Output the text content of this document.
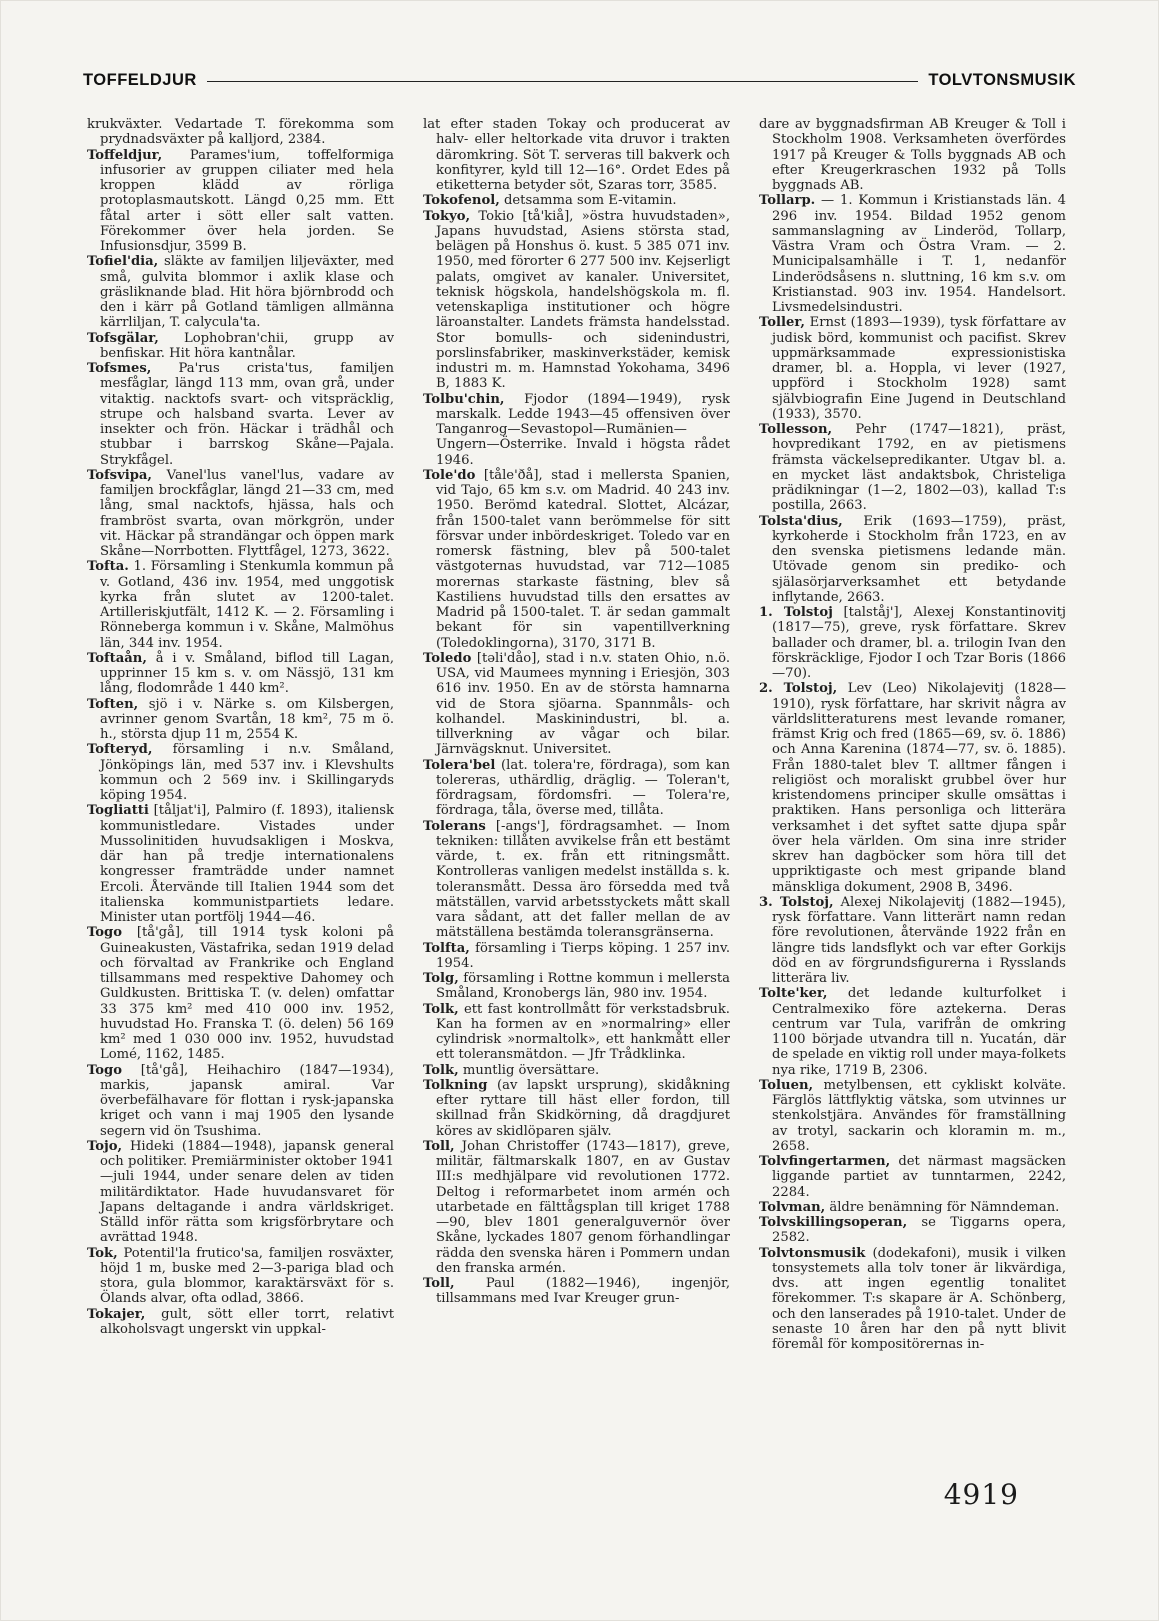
TOFFELDJUR	TOLVTONSMUSIK

krukväxter. Vedartade T. förekomma som prydnadsväxter på kalljord, 2384.

Toffeldjur, Parames'ium, toffelformiga infusorier av gruppen ciliater med hela kroppen klädd av rörliga protoplasmautskott. Längd 0,25 mm. Ett fåtal arter i sött eller salt vatten. Förekommer över hela jorden. Se Infusionsdjur, 3599 B.

Tofiel'dia, släkte av familjen liljeväxter, med små, gulvita blommor i axlik klase och gräsliknande blad. Hit höra björnbrodd och den i kärr på Gotland tämligen allmänna kärrliljan, T. calycula'ta.

Tofsgälar, Lophobran'chii, grupp av benfiskar. Hit höra kantnålar.

Tofsmes, Pa'rus crista'tus, familjen mesfåglar, längd 113 mm, ovan grå, under vitaktig. nacktofs svart- och vitspräcklig, strupe och halsband svarta. Lever av insekter och frön. Häckar i trädhål och stubbar i barrskog Skåne—Pajala. Strykfågel.

Tofsvipa, Vanel'lus vanel'lus, vadare av familjen brockfåglar, längd 21—33 cm, med lång, smal nacktofs, hjässa, hals och frambröst svarta, ovan mörkgrön, under vit. Häckar på strandängar och öppen mark Skåne—Norrbotten. Flyttfågel, 1273, 3622.

Tofta. 1. Församling i Stenkumla kommun på v. Gotland, 436 inv. 1954, med unggotisk kyrka från slutet av 1200-talet. Artilleriskjutfält, 1412 K. — 2. Församling i Rönneberga kommun i v. Skåne, Malmöhus län, 344 inv. 1954.

Toftaån, å i v. Småland, biflod till Lagan, upprinner 15 km s. v. om Nässjö, 131 km lång, flodområde 1 440 km².

Toften, sjö i v. Närke s. om Kilsbergen, avrinner genom Svartån, 18 km², 75 m ö. h., största djup 11 m, 2554 K.

Tofteryd, församling i n.v. Småland, Jönköpings län, med 537 inv. i Klevshults kommun och 2 569 inv. i Skillingaryds köping 1954.

Togliatti [tåljat'i], Palmiro (f. 1893), italiensk kommunistledare. Vistades under Mussolinitiden huvudsakligen i Moskva, där han på tredje internationalens kongresser framträdde under namnet Ercoli. Återvände till Italien 1944 som det italienska kommunistpartiets ledare. Minister utan portfölj 1944—46.

Togo [tå'gå], till 1914 tysk koloni på Guineakusten, Västafrika, sedan 1919 delad och förvaltad av Frankrike och England tillsammans med respektive Dahomey och Guldkusten. Brittiska T. (v. delen) omfattar 33 375 km² med 410 000 inv. 1952, huvudstad Ho. Franska T. (ö. delen) 56 169 km² med 1 030 000 inv. 1952, huvudstad Lomé, 1162, 1485.

Togo [tå'gå], Heihachiro (1847—1934), markis, japansk amiral. Var överbefälhavare för flottan i rysk-japanska kriget och vann i maj 1905 den lysande segern vid ön Tsushima.

Tojo, Hideki (1884—1948), japansk general och politiker. Premiärminister oktober 1941—juli 1944, under senare delen av tiden militärdiktator. Hade huvudansvaret för Japans deltagande i andra världskriget. Ställd inför rätta som krigsförbrytare och avrättad 1948.

Tok, Potentil'la frutico'sa, familjen rosväxter, höjd 1 m, buske med 2—3-pariga blad och stora, gula blommor, karaktärsväxt för s. Ölands alvar, ofta odlad, 3866.

Tokajer, gult, sött eller torrt, relativt alkoholsvagt ungerskt vin uppkal-

lat efter staden Tokay och producerat av halv- eller heltorkade vita druvor i trakten däromkring. Söt T. serveras till bakverk och konfityrer, kyld till 12—16°. Ordet Edes på etiketterna betyder söt, Szaras torr, 3585.

Tokofenol, detsamma som E-vitamin.

Tokyo, Tokio [tå'kiå], »östra huvudstaden», Japans huvudstad, Asiens största stad, belägen på Honshus ö. kust. 5 385 071 inv. 1950, med förorter 6 277 500 inv. Kejserligt palats, omgivet av kanaler. Universitet, teknisk högskola, handelshögskola m. fl. vetenskapliga institutioner och högre läroanstalter. Landets främsta handelsstad. Stor bomulls- och sidenindustri, porslinsfabriker, maskinverkstäder, kemisk industri m. m. Hamnstad Yokohama, 3496 B, 1883 K.

Tolbu'chin, Fjodor (1894—1949), rysk marskalk. Ledde 1943—45 offensiven över Tanganrog—Sevastopol—Rumänien—Ungern—Österrike. Invald i högsta rådet 1946.

Tole'do [tåle'ðå], stad i mellersta Spanien, vid Tajo, 65 km s.v. om Madrid. 40 243 inv. 1950. Berömd katedral. Slottet, Alcázar, från 1500-talet vann berömmelse för sitt försvar under inbördeskriget. Toledo var en romersk fästning, blev på 500-talet västgoternas huvudstad, var 712—1085 morernas starkaste fästning, blev så Kastiliens huvudstad tills den ersattes av Madrid på 1500-talet. T. är sedan gammalt bekant för sin vapentillverkning (Toledoklingorna), 3170, 3171 B.

Toledo [təli'dåo], stad i n.v. staten Ohio, n.ö. USA, vid Maumees mynning i Eriesjön, 303 616 inv. 1950. En av de största hamnarna vid de Stora sjöarna. Spannmåls- och kolhandel. Maskinindustri, bl. a. tillverkning av vågar och bilar. Järnvägsknut. Universitet.

Tolera'bel (lat. tolera're, fördraga), som kan tolereras, uthärdlig, dräglig. — Toleran't, fördragsam, fördomsfri. — Tolera're, fördraga, tåla, överse med, tillåta.

Tolerans [-angs'], fördragsamhet. — Inom tekniken: tillåten avvikelse från ett bestämt värde, t. ex. från ett ritningsmått. Kontrolleras vanligen medelst inställda s. k. toleransmått. Dessa äro försedda med två mätställen, varvid arbetsstyckets mått skall vara sådant, att det faller mellan de av mätställena bestämda toleransgränserna.

Tolfta, församling i Tierps köping. 1 257 inv. 1954.

Tolg, församling i Rottne kommun i mellersta Småland, Kronobergs län, 980 inv. 1954.

Tolk, ett fast kontrollmått för verkstadsbruk. Kan ha formen av en »normalring» eller cylindrisk »normaltolk», ett hankmått eller ett toleransmätdon. — Jfr Trådklinka.

Tolk, muntlig översättare.

Tolkning (av lapskt ursprung), skidåkning efter ryttare till häst eller fordon, till skillnad från Skidkörning, då dragdjuret köres av skidlöparen själv.

Toll, Johan Christoffer (1743—1817), greve, militär, fältmarskalk 1807, en av Gustav III:s medhjälpare vid revolutionen 1772. Deltog i reformarbetet inom armén och utarbetade en fälttågsplan till kriget 1788—90, blev 1801 generalguvernör över Skåne, lyckades 1807 genom förhandlingar rädda den svenska hären i Pommern undan den franska armén.

Toll, Paul (1882—1946), ingenjör, tillsammans med Ivar Kreuger grun-

dare av byggnadsfirman AB Kreuger & Toll i Stockholm 1908. Verksamheten överfördes 1917 på Kreuger & Tolls byggnads AB och efter Kreugerkraschen 1932 på Tolls byggnads AB.

Tollarp. — 1. Kommun i Kristianstads län. 4 296 inv. 1954. Bildad 1952 genom sammanslagning av Linderöd, Tollarp, Västra Vram och Östra Vram. — 2. Municipalsamhälle i T. 1, nedanför Linderödsåsens n. sluttning, 16 km s.v. om Kristianstad. 903 inv. 1954. Handelsort. Livsmedelsindustri.

Toller, Ernst (1893—1939), tysk författare av judisk börd, kommunist och pacifist. Skrev uppmärksammade expressionistiska dramer, bl. a. Hoppla, vi lever (1927, uppförd i Stockholm 1928) samt självbiografin Eine Jugend in Deutschland (1933), 3570.

Tollesson, Pehr (1747—1821), präst, hovpredikant 1792, en av pietismens främsta väckelsepredikanter. Utgav bl. a. en mycket läst andaktsbok, Christeliga prädikningar (1—2, 1802—03), kallad T:s postilla, 2663.

Tolsta'dius, Erik (1693—1759), präst, kyrkoherde i Stockholm från 1723, en av den svenska pietismens ledande män. Utövade genom sin prediko- och själasörjarverksamhet ett betydande inflytande, 2663.

1. Tolstoj [talståj'], Alexej Konstantinovitj (1817—75), greve, rysk författare. Skrev ballader och dramer, bl. a. trilogin Ivan den förskräcklige, Fjodor I och Tzar Boris (1866—70).

2. Tolstoj, Lev (Leo) Nikolajevitj (1828—1910), rysk författare, har skrivit några av världslitteraturens mest levande romaner, främst Krig och fred (1865—69, sv. ö. 1886) och Anna Karenina (1874—77, sv. ö. 1885). Från 1880-talet blev T. alltmer fången i religiöst och moraliskt grubbel över hur kristendomens principer skulle omsättas i praktiken. Hans personliga och litterära verksamhet i det syftet satte djupa spår över hela världen. Om sina inre strider skrev han dagböcker som höra till det uppriktigaste och mest gripande bland mänskliga dokument, 2908 B, 3496.

3. Tolstoj, Alexej Nikolajevitj (1882—1945), rysk författare. Vann litterärt namn redan före revolutionen, återvände 1922 från en längre tids landsflykt och var efter Gorkijs död en av förgrundsfigurerna i Rysslands litterära liv.

Tolte'ker, det ledande kulturfolket i Centralmexiko före aztekerna. Deras centrum var Tula, varifrån de omkring 1100 började utvandra till n. Yucatán, där de spelade en viktig roll under maya-folkets nya rike, 1719 B, 2306.

Toluen, metylbensen, ett cykliskt kolväte. Färglös lättflyktig vätska, som utvinnes ur stenkolstjära. Användes för framställning av trotyl, sackarin och kloramin m. m., 2658.

Tolvfingertarmen, det närmast magsäcken liggande partiet av tunntarmen, 2242, 2284.

Tolvman, äldre benämning för Nämndeman.

Tolvskillingsoperan, se Tiggarns opera, 2582.

Tolvtonsmusik (dodekafoni), musik i vilken tonsystemets alla tolv toner är likvärdiga, dvs. att ingen egentlig tonalitet förekommer. T:s skapare är A. Schönberg, och den lanserades på 1910-talet. Under de senaste 10 åren har den på nytt blivit föremål för kompositörernas in-

4919
